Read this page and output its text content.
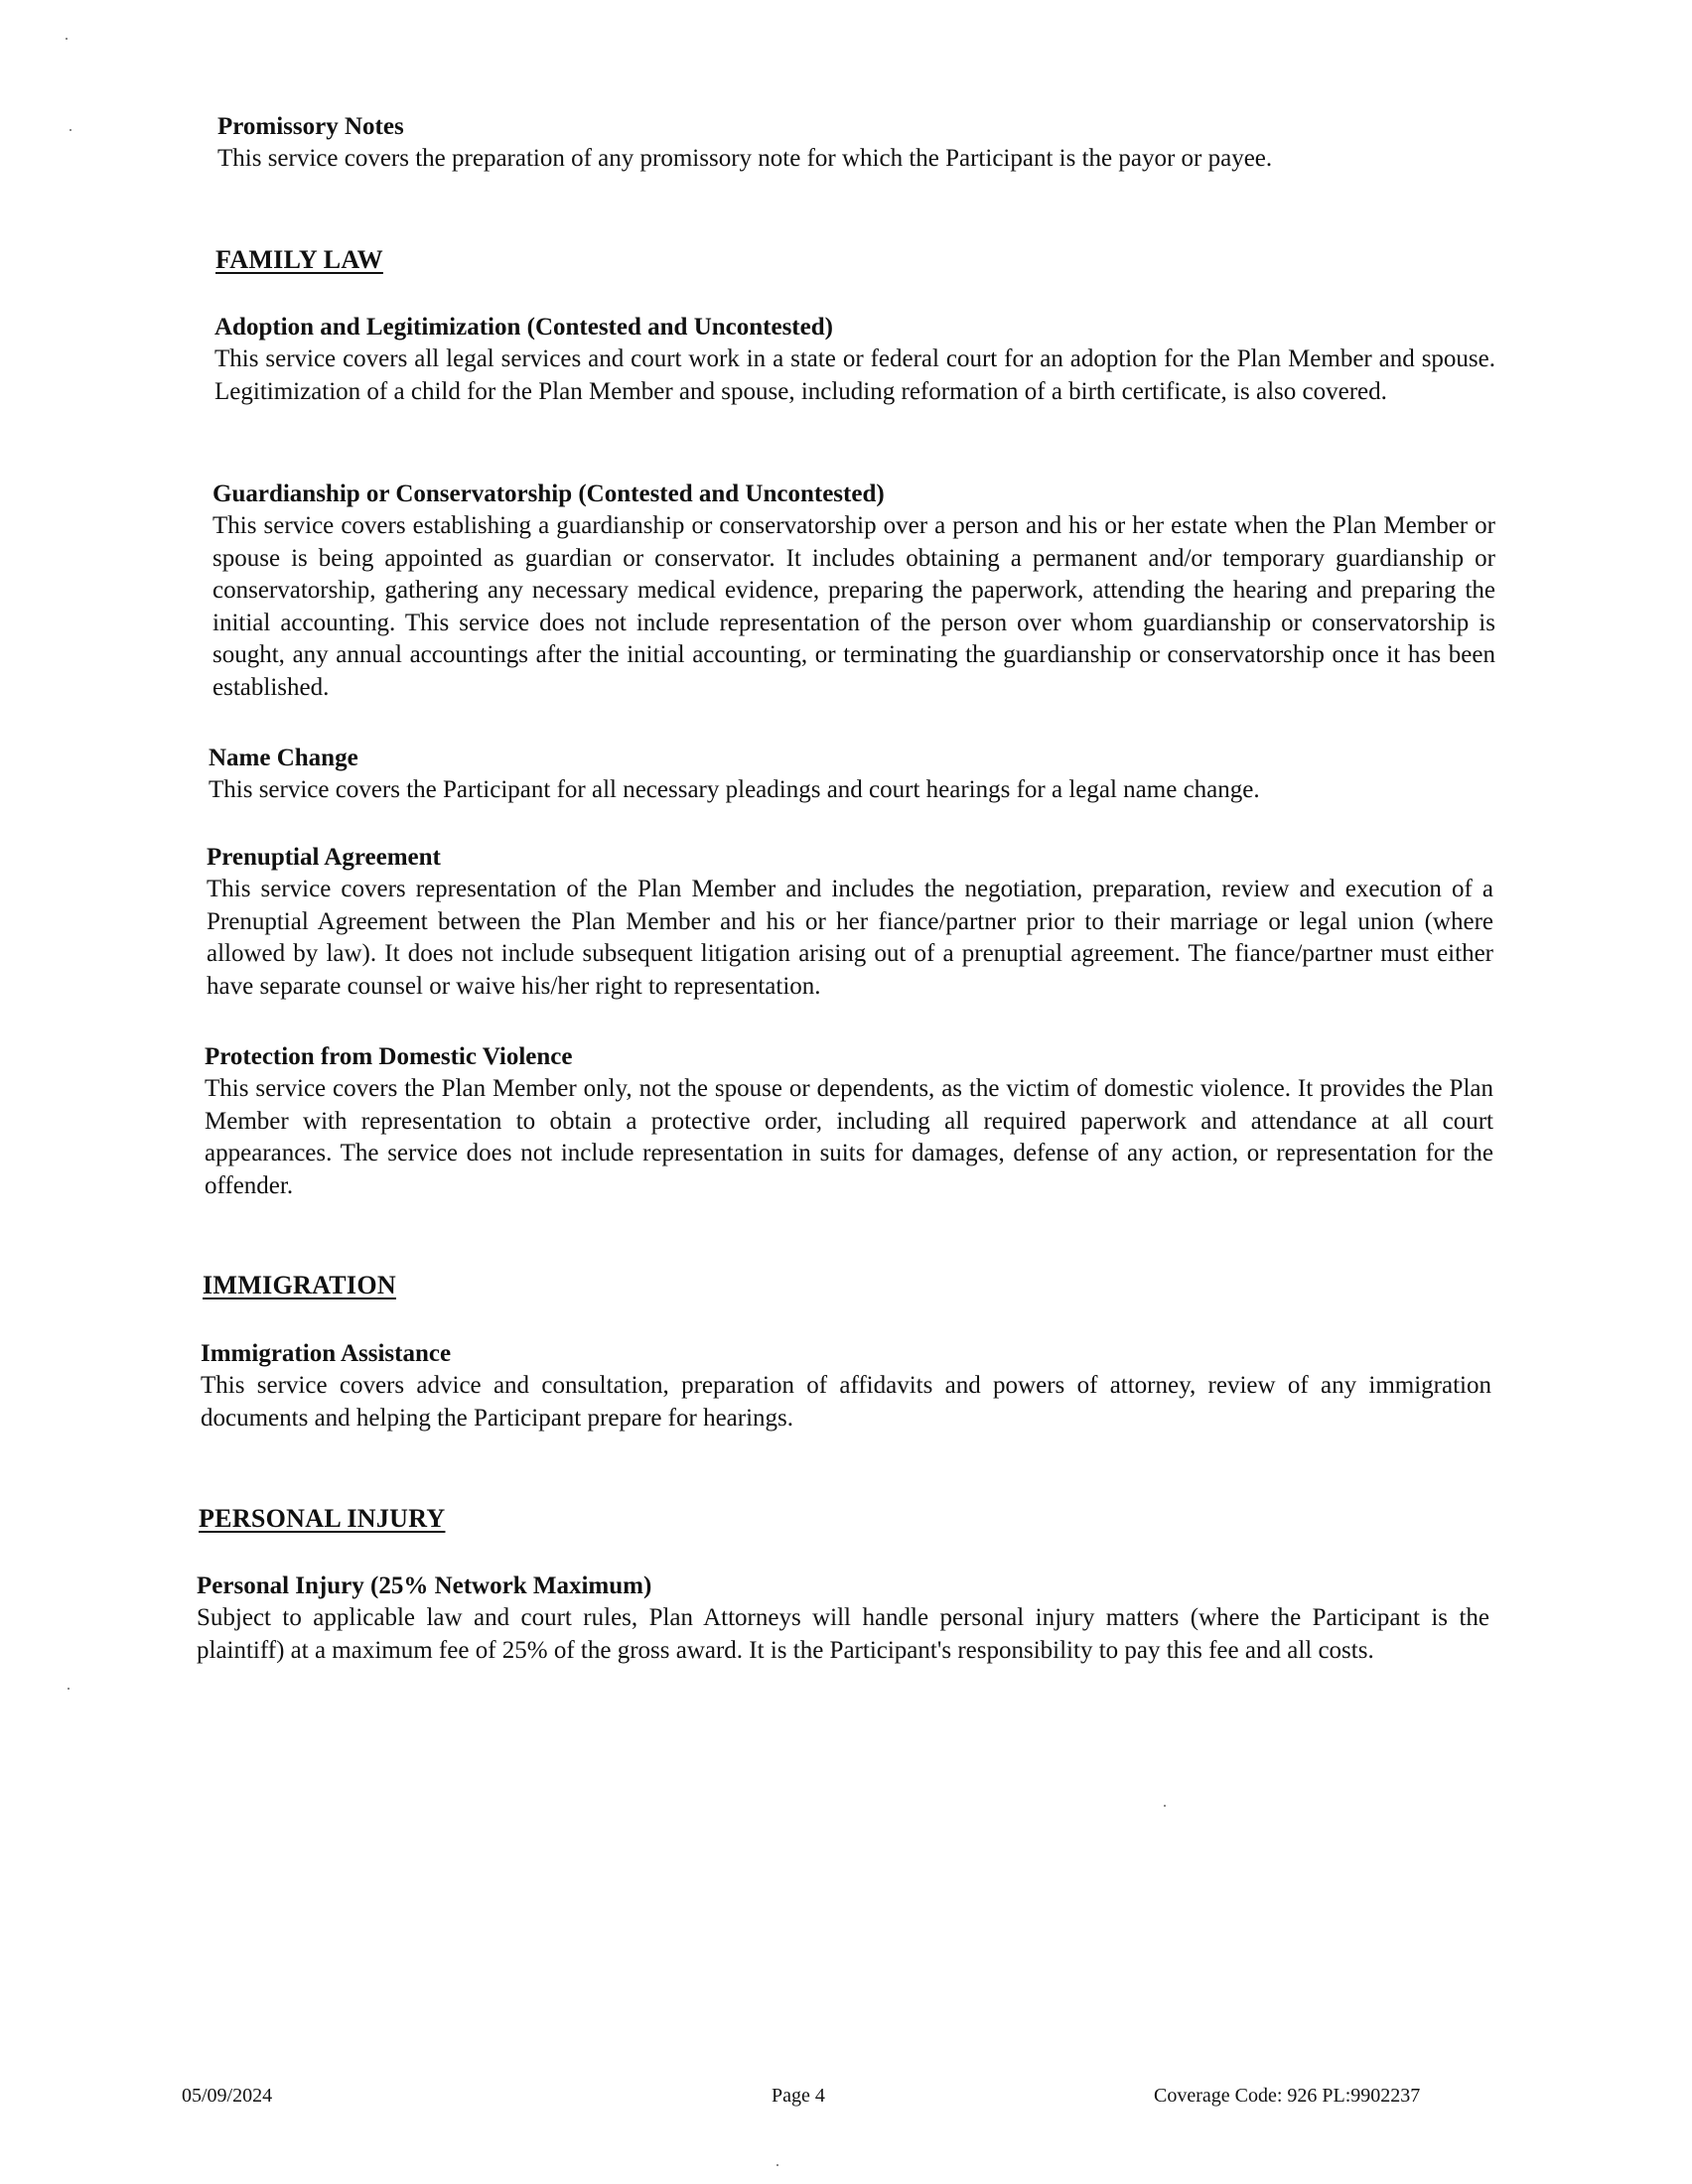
Promissory Notes

This service covers the preparation of any promissory note for which the Participant is the payor or payee.

FAMILY LAW
Adoption and Legitimization (Contested and Uncontested)

This service covers all legal services and court work in a state or federal court for an adoption for the Plan Member and spouse. Legitimization of a child for the Plan Member and spouse, including reformation of a birth certificate, is also covered.

Guardianship or Conservatorship (Contested and Uncontested)

This service covers establishing a guardianship or conservatorship over a person and his or her estate when the Plan Member or spouse is being appointed as guardian or conservator. It includes obtaining a permanent and/or temporary guardianship or conservatorship, gathering any necessary medical evidence, preparing the paperwork, attending the hearing and preparing the initial accounting. This service does not include representation of the person over whom guardianship or conservatorship is sought, any annual accountings after the initial accounting, or terminating the guardianship or conservatorship once it has been established.

Name Change

This service covers the Participant for all necessary pleadings and court hearings for a legal name change.

Prenuptial Agreement

This service covers representation of the Plan Member and includes the negotiation, preparation, review and execution of a Prenuptial Agreement between the Plan Member and his or her fiance/partner prior to their marriage or legal union (where allowed by law). It does not include subsequent litigation arising out of a prenuptial agreement. The fiance/partner must either have separate counsel or waive his/her right to representation.

Protection from Domestic Violence

This service covers the Plan Member only, not the spouse or dependents, as the victim of domestic violence. It provides the Plan Member with representation to obtain a protective order, including all required paperwork and attendance at all court appearances. The service does not include representation in suits for damages, defense of any action, or representation for the offender.

IMMIGRATION
Immigration Assistance

This service covers advice and consultation, preparation of affidavits and powers of attorney, review of any immigration documents and helping the Participant prepare for hearings.

PERSONAL INJURY
Personal Injury (25% Network Maximum)

Subject to applicable law and court rules, Plan Attorneys will handle personal injury matters (where the Participant is the plaintiff) at a maximum fee of 25% of the gross award. It is the Participant's responsibility to pay this fee and all costs.

05/09/2024	Page 4	Coverage Code: 926 PL:9902237
